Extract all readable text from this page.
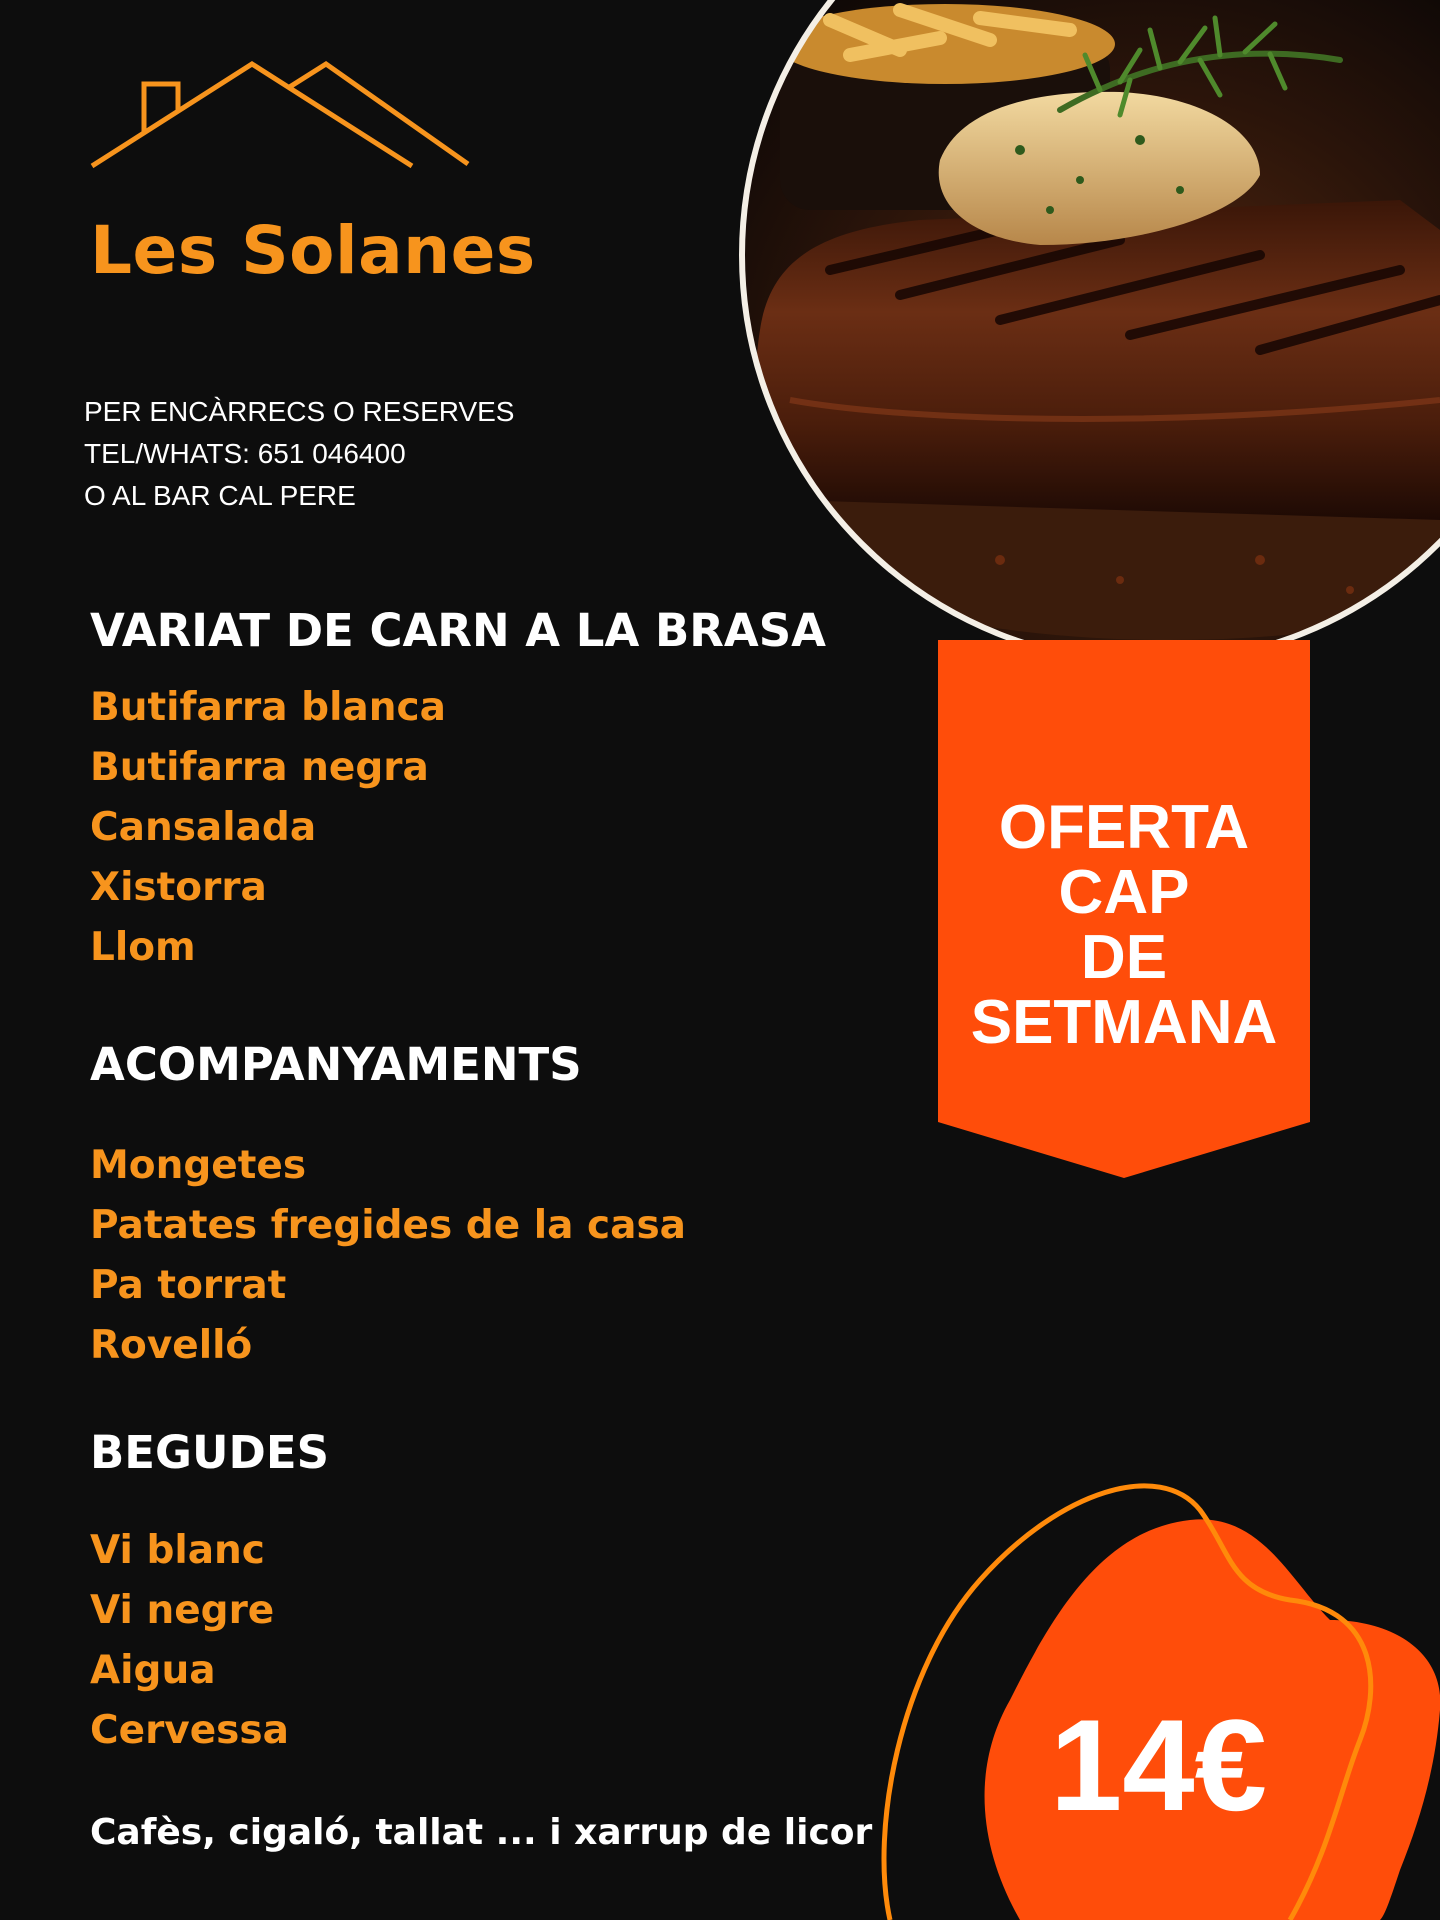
Les Solanes
PER ENCÀRRECS O RESERVES
TEL/WHATS: 651 046400
O AL BAR CAL PERE
VARIAT DE CARN A LA BRASA
Butifarra blanca
Butifarra negra
Cansalada
Xistorra
Llom
ACOMPANYAMENTS
Mongetes
Patates fregides de la casa
Pa torrat
Rovelló
BEGUDES
Vi blanc
Vi negre
Aigua
Cervessa
Cafès, cigaló, tallat ... i xarrup de licor
OFERTA
CAP
DE
SETMANA
14€
